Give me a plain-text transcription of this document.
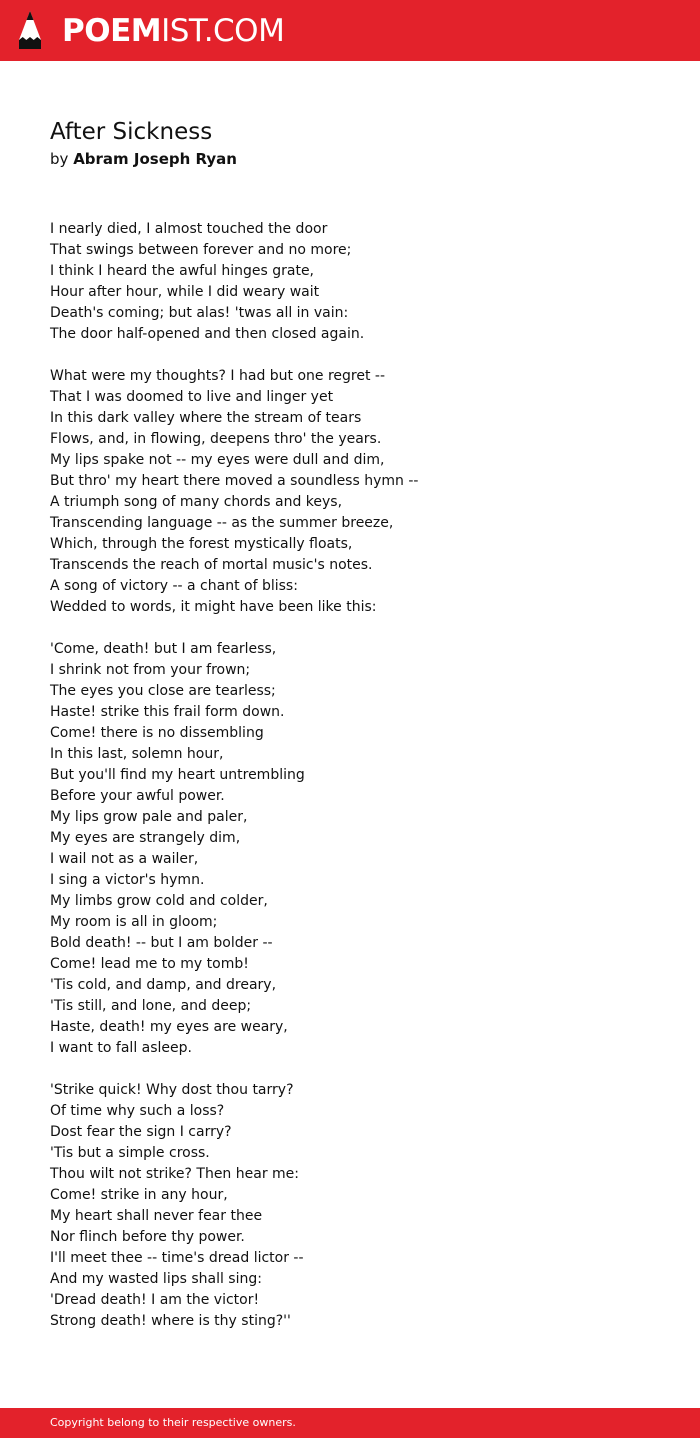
POEMIST.COM
After Sickness
by Abram Joseph Ryan
I nearly died, I almost touched the door
That swings between forever and no more;
I think I heard the awful hinges grate,
Hour after hour, while I did weary wait
Death's coming; but alas! 'twas all in vain:
The door half-opened and then closed again.
What were my thoughts? I had but one regret --
That I was doomed to live and linger yet
In this dark valley where the stream of tears
Flows, and, in flowing, deepens thro' the years.
My lips spake not -- my eyes were dull and dim,
But thro' my heart there moved a soundless hymn --
A triumph song of many chords and keys,
Transcending language -- as the summer breeze,
Which, through the forest mystically floats,
Transcends the reach of mortal music's notes.
A song of victory -- a chant of bliss:
Wedded to words, it might have been like this:
'Come, death! but I am fearless,
I shrink not from your frown;
The eyes you close are tearless;
Haste! strike this frail form down.
Come! there is no dissembling
In this last, solemn hour,
But you'll find my heart untrembling
Before your awful power.
My lips grow pale and paler,
My eyes are strangely dim,
I wail not as a wailer,
I sing a victor's hymn.
My limbs grow cold and colder,
My room is all in gloom;
Bold death! -- but I am bolder --
Come! lead me to my tomb!
'Tis cold, and damp, and dreary,
'Tis still, and lone, and deep;
Haste, death! my eyes are weary,
I want to fall asleep.
'Strike quick! Why dost thou tarry?
Of time why such a loss?
Dost fear the sign I carry?
'Tis but a simple cross.
Thou wilt not strike? Then hear me:
Come! strike in any hour,
My heart shall never fear thee
Nor flinch before thy power.
I'll meet thee -- time's dread lictor --
And my wasted lips shall sing:
'Dread death! I am the victor!
Strong death! where is thy sting?''
Copyright belong to their respective owners.
